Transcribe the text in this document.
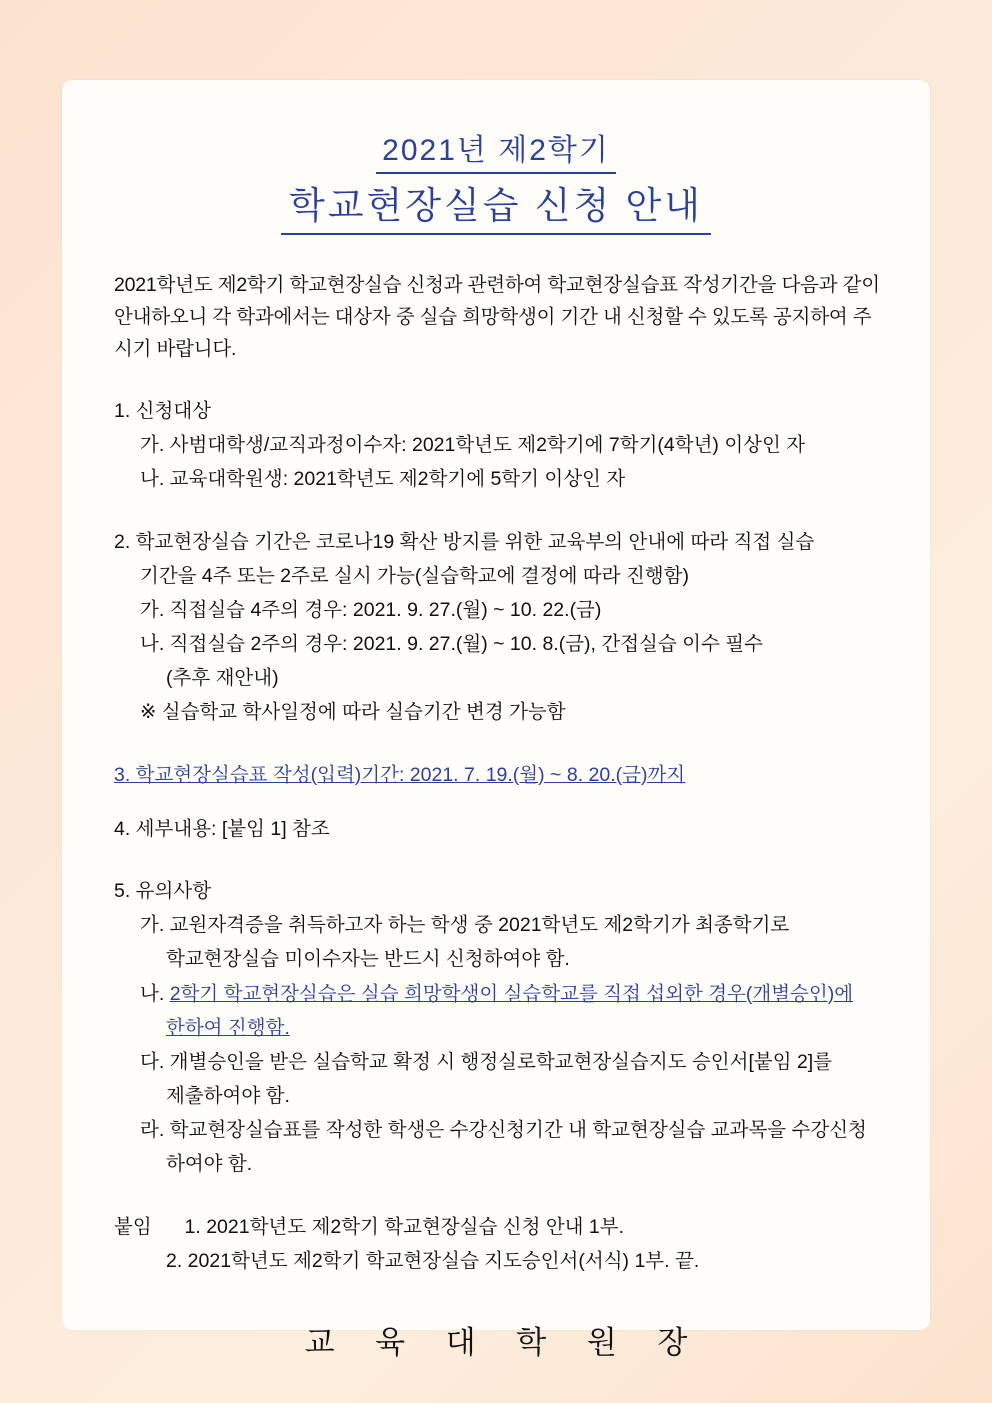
2021년 제2학기
학교현장실습 신청 안내

2021학년도 제2학기 학교현장실습 신청과 관련하여 학교현장실습표 작성기간을 다음과 같이 안내하오니 각 학과에서는 대상자 중 실습 희망학생이 기간 내 신청할 수 있도록 공지하여 주시기 바랍니다.

1. 신청대상
가. 사범대학생/교직과정이수자: 2021학년도 제2학기에 7학기(4학년) 이상인 자
나. 교육대학원생: 2021학년도 제2학기에 5학기 이상인 자
2. 학교현장실습 기간은 코로나19 확산 방지를 위한 교육부의 안내에 따라 직접 실습
기간을 4주 또는 2주로 실시 가능(실습학교에 결정에 따라 진행함)
가. 직접실습 4주의 경우: 2021. 9. 27.(월) ~ 10. 22.(금)
나. 직접실습 2주의 경우: 2021. 9. 27.(월) ~ 10. 8.(금), 간접실습 이수 필수
(추후 재안내)
※ 실습학교 학사일정에 따라 실습기간 변경 가능함
3. 학교현장실습표 작성(입력)기간: 2021. 7. 19.(월) ~ 8. 20.(금)까지
4. 세부내용: [붙임 1] 참조
5. 유의사항
가. 교원자격증을 취득하고자 하는 학생 중 2021학년도 제2학기가 최종학기로
학교현장실습 미이수자는 반드시 신청하여야 함.
나. 2학기 학교현장실습은 실습 희망학생이 실습학교를 직접 섭외한 경우(개별승인)에
한하여 진행함.
다. 개별승인을 받은 실습학교 확정 시 행정실로학교현장실습지도 승인서[붙임 2]를
제출하여야 함.
라. 학교현장실습표를 작성한 학생은 수강신청기간 내 학교현장실습 교과목을 수강신청
하여야 함.
붙임 1. 2021학년도 제2학기 학교현장실습 신청 안내 1부.
2. 2021학년도 제2학기 학교현장실습 지도승인서(서식) 1부. 끝.
교 육 대 학 원 장
